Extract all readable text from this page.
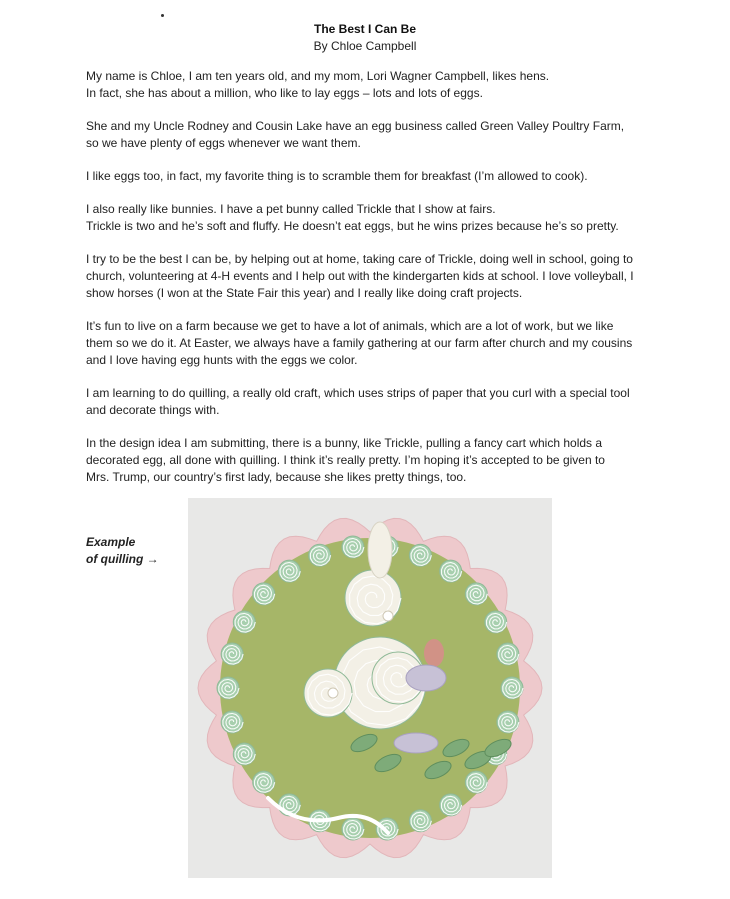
The Best I Can Be
By Chloe Campbell

My name is Chloe, I am ten years old, and my mom, Lori Wagner Campbell, likes hens.
In fact, she has about a million, who like to lay eggs – lots and lots of eggs.

She and my Uncle Rodney and Cousin Lake have an egg business called Green Valley Poultry Farm,
so we have plenty of eggs whenever we want them.

I like eggs too, in fact, my favorite thing is to scramble them for breakfast (I’m allowed to cook).

I also really like bunnies. I have a pet bunny called Trickle that I show at fairs.
Trickle is two and he’s soft and fluffy. He doesn’t eat eggs, but he wins prizes because he’s so pretty.

I try to be the best I can be, by helping out at home, taking care of Trickle, doing well in school, going to
church, volunteering at 4-H events and I help out with the kindergarten kids at school. I love volleyball, I
show horses (I won at the State Fair this year) and I really like doing craft projects.

It’s fun to live on a farm because we get to have a lot of animals, which are a lot of work, but we like
them so we do it. At Easter, we always have a family gathering at our farm after church and my cousins
and I love having egg hunts with the eggs we color.

I am learning to do quilling, a really old craft, which uses strips of paper that you curl with a special tool
and decorate things with.

In the design idea I am submitting, there is a bunny, like Trickle, pulling a fancy cart which holds a
decorated egg, all done with quilling. I think it’s really pretty. I’m hoping it’s accepted to be given to
Mrs. Trump, our country’s first lady, because she likes pretty things, too.

Example
of quilling →
